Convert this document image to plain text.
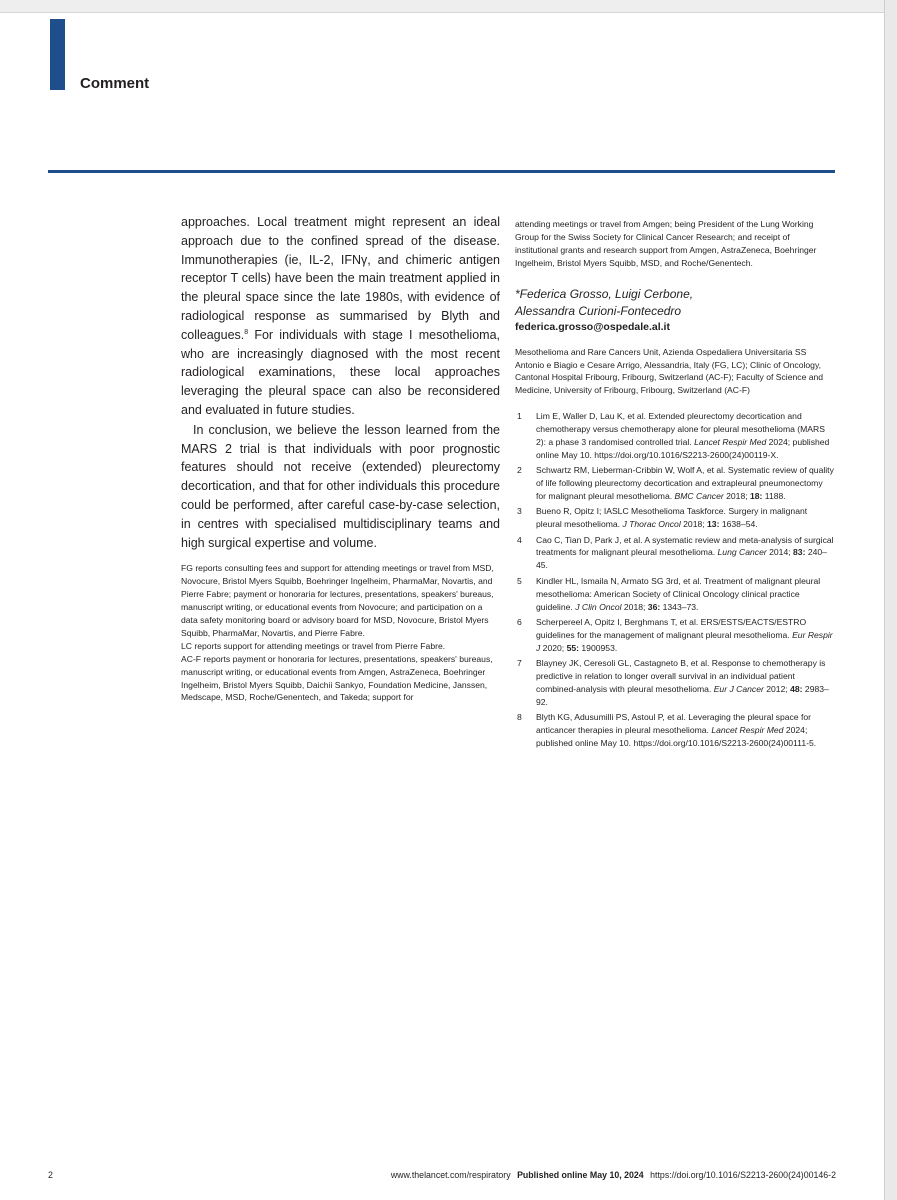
Comment

approaches. Local treatment might represent an ideal approach due to the confined spread of the disease. Immunotherapies (ie, IL-2, IFNγ, and chimeric antigen receptor T cells) have been the main treatment applied in the pleural space since the late 1980s, with evidence of radiological response as summarised by Blyth and colleagues.$^8$ For individuals with stage I mesothelioma, who are increasingly diagnosed with the most recent radiological examinations, these local approaches leveraging the pleural space can also be reconsidered and evaluated in future studies.

In conclusion, we believe the lesson learned from the MARS 2 trial is that individuals with poor prognostic features should not receive (extended) pleurectomy decortication, and that for other individuals this procedure could be performed, after careful case-by-case selection, in centres with specialised multidisciplinary teams and high surgical expertise and volume.

FG reports consulting fees and support for attending meetings or travel from MSD, Novocure, Bristol Myers Squibb, Boehringer Ingelheim, PharmaMar, Novartis, and Pierre Fabre; payment or honoraria for lectures, presentations, speakers' bureaus, manuscript writing, or educational events from Novocure; and participation on a data safety monitoring board or advisory board for MSD, Novocure, Bristol Myers Squibb, PharmaMar, Novartis, and Pierre Fabre.

LC reports support for attending meetings or travel from Pierre Fabre.

AC-F reports payment or honoraria for lectures, presentations, speakers' bureaus, manuscript writing, or educational events from Amgen, AstraZeneca, Boehringer Ingelheim, Bristol Myers Squibb, Daichii Sankyo, Foundation Medicine, Janssen, Medscape, MSD, Roche/Genentech, and Takeda; support for

attending meetings or travel from Amgen; being President of the Lung Working Group for the Swiss Society for Clinical Cancer Research; and receipt of institutional grants and research support from Amgen, AstraZeneca, Boehringer Ingelheim, Bristol Myers Squibb, MSD, and Roche/Genentech.

*Federica Grosso, Luigi Cerbone,
Alessandra Curioni-Fontecedro

federica.grosso@ospedale.al.it

Mesothelioma and Rare Cancers Unit, Azienda Ospedaliera Universitaria SS Antonio e Biagio e Cesare Arrigo, Alessandria, Italy (FG, LC); Clinic of Oncology, Cantonal Hospital Fribourg, Fribourg, Switzerland (AC-F); Faculty of Science and Medicine, University of Fribourg, Fribourg, Switzerland (AC-F)

1	Lim E, Waller D, Lau K, et al. Extended pleurectomy decortication and chemotherapy versus chemotherapy alone for pleural mesothelioma (MARS 2): a phase 3 randomised controlled trial. Lancet Respir Med 2024; published online May 10. https://doi.org/10.1016/S2213-2600(24)00119-X.
2	Schwartz RM, Lieberman-Cribbin W, Wolf A, et al. Systematic review of quality of life following pleurectomy decortication and extrapleural pneumonectomy for malignant pleural mesothelioma. BMC Cancer 2018; 18: 1188.
3	Bueno R, Opitz I; IASLC Mesothelioma Taskforce. Surgery in malignant pleural mesothelioma. J Thorac Oncol 2018; 13: 1638–54.
4	Cao C, Tian D, Park J, et al. A systematic review and meta-analysis of surgical treatments for malignant pleural mesothelioma. Lung Cancer 2014; 83: 240–45.
5	Kindler HL, Ismaila N, Armato SG 3rd, et al. Treatment of malignant pleural mesothelioma: American Society of Clinical Oncology clinical practice guideline. J Clin Oncol 2018; 36: 1343–73.
6	Scherpereel A, Opitz I, Berghmans T, et al. ERS/ESTS/EACTS/ESTRO guidelines for the management of malignant pleural mesothelioma. Eur Respir J 2020; 55: 1900953.
7	Blayney JK, Ceresoli GL, Castagneto B, et al. Response to chemotherapy is predictive in relation to longer overall survival in an individual patient combined-analysis with pleural mesothelioma. Eur J Cancer 2012; 48: 2983–92.
8	Blyth KG, Adusumilli PS, Astoul P, et al. Leveraging the pleural space for anticancer therapies in pleural mesothelioma. Lancet Respir Med 2024; published online May 10. https://doi.org/10.1016/S2213-2600(24)00111-5.
2	www.thelancet.com/respiratory Published online May 10, 2024 https://doi.org/10.1016/S2213-2600(24)00146-2
